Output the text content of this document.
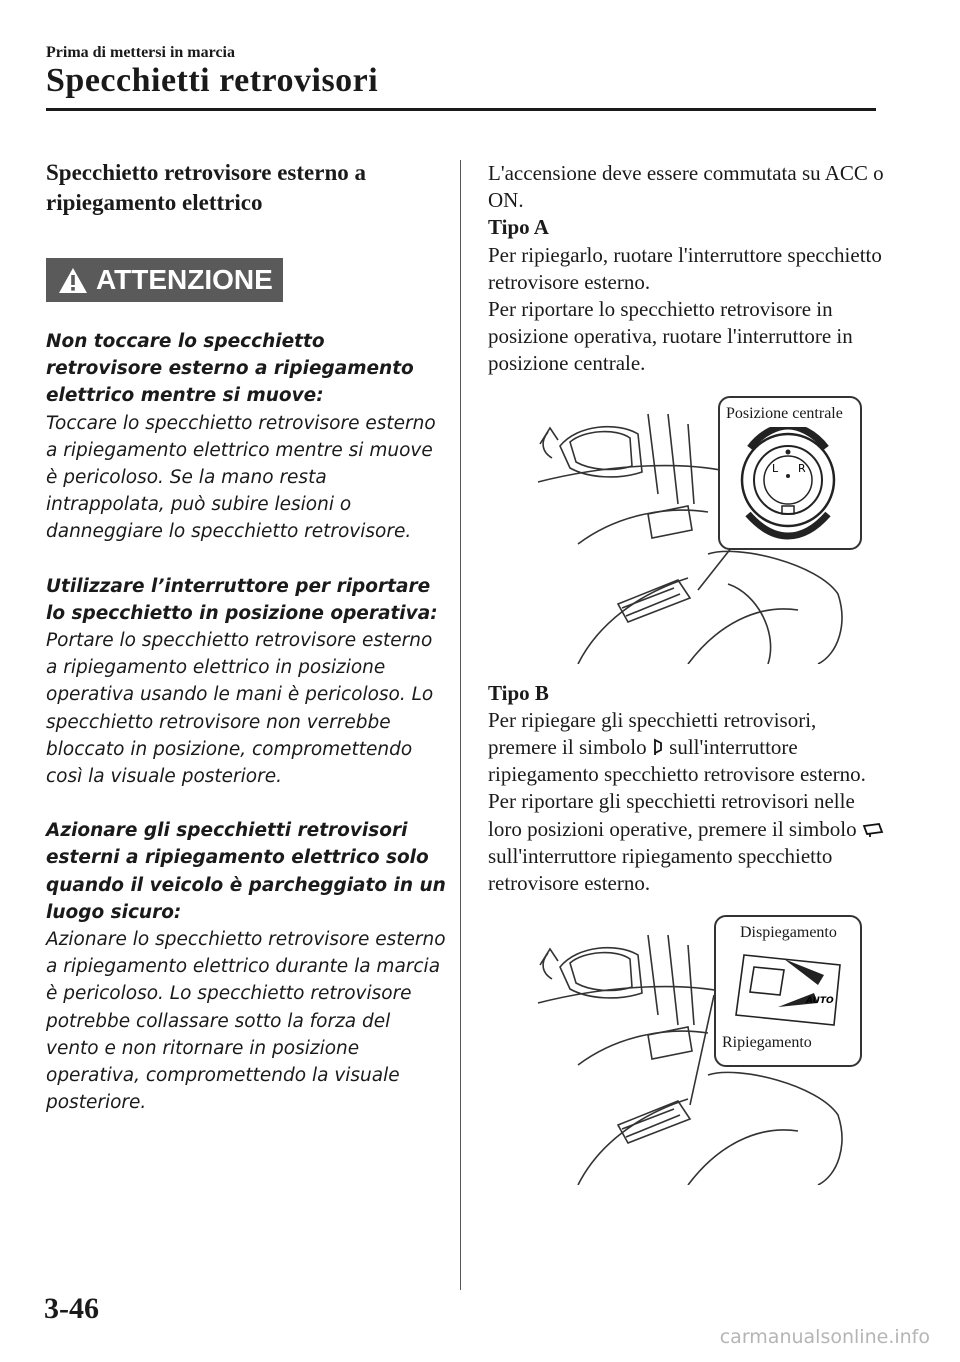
Prima di mettersi in marcia
Specchietti retrovisori
Specchietto retrovisore esterno a ripiegamento elettrico
ATTENZIONE

Non toccare lo specchietto retrovisore esterno a ripiegamento elettrico mentre si muove:

Toccare lo specchietto retrovisore esterno a ripiegamento elettrico mentre si muove è pericoloso. Se la mano resta intrappolata, può subire lesioni o danneggiare lo specchietto retrovisore.

Utilizzare l’interruttore per riportare lo specchietto in posizione operativa:

Portare lo specchietto retrovisore esterno a ripiegamento elettrico in posizione operativa usando le mani è pericoloso. Lo specchietto retrovisore non verrebbe bloccato in posizione, compromettendo così la visuale posteriore.

Azionare gli specchietti retrovisori esterni a ripiegamento elettrico solo quando il veicolo è parcheggiato in un luogo sicuro:

Azionare lo specchietto retrovisore esterno a ripiegamento elettrico durante la marcia è pericoloso. Lo specchietto retrovisore potrebbe collassare sotto la forza del vento e non ritornare in posizione operativa, compromettendo la visuale posteriore.

L'accensione deve essere commutata su ACC o ON.

Tipo A

Per ripiegarlo, ruotare l'interruttore specchietto retrovisore esterno.

Per riportare lo specchietto retrovisore in posizione operativa, ruotare l'interruttore in posizione centrale.

L R
Posizione centrale

Tipo B

Per ripiegare gli specchietti retrovisori, premere il simbolo sull'interruttore ripiegamento specchietto retrovisore esterno.

Per riportare gli specchietti retrovisori nelle loro posizioni operative, premere il simbolo  sull'interruttore ripiegamento specchietto retrovisore esterno.

AUTO
Dispiegamento
Ripiegamento
3-46
carmanualsonline.info
